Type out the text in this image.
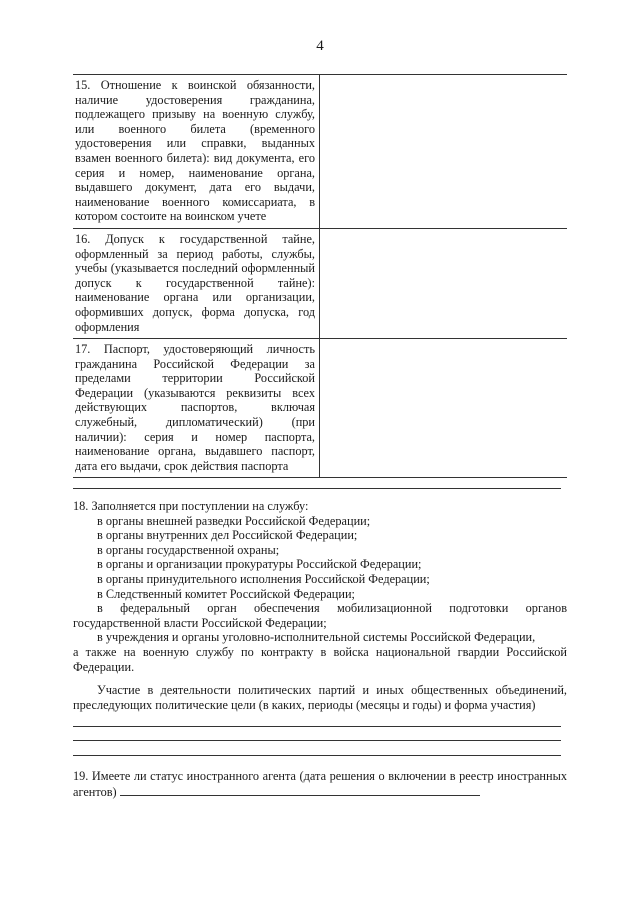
4
15. Отношение к воинской обязанности, наличие удостоверения гражданина, подлежащего призыву на военную службу, или военного билета (временного удостоверения или справки, выданных взамен военного билета): вид документа, его серия и номер, наименование органа, выдавшего документ, дата его выдачи, наименование военного комиссариата, в котором состоите на воинском учете	
16. Допуск к государственной тайне, оформленный за период работы, службы, учебы (указывается последний оформленный допуск к государственной тайне): наименование органа или организации, оформивших допуск, форма допуска, год оформления	
17. Паспорт, удостоверяющий личность гражданина Российской Федерации за пределами территории Российской Федерации (указываются реквизиты всех действующих паспортов, включая служебный, дипломатический) (при наличии): серия и номер паспорта, наименование органа, выдавшего паспорт, дата его выдачи, срок действия паспорта	
18. Заполняется при поступлении на службу:
в органы внешней разведки Российской Федерации;
в органы внутренних дел Российской Федерации;
в органы государственной охраны;
в органы и организации прокуратуры Российской Федерации;
в органы принудительного исполнения Российской Федерации;
в Следственный комитет Российской Федерации;
в федеральный орган обеспечения мобилизационной подготовки органов
государственной власти Российской Федерации;
в учреждения и органы уголовно-исполнительной системы Российской Федерации,
а также на военную службу по контракту в войска национальной гвардии Российской Федерации.
Участие в деятельности политических партий и иных общественных объединений, преследующих политические цели (в каких, периоды (месяцы и годы) и форма участия)
19. Имеете ли статус иностранного агента (дата решения о включении в реестр иностранных агентов)
